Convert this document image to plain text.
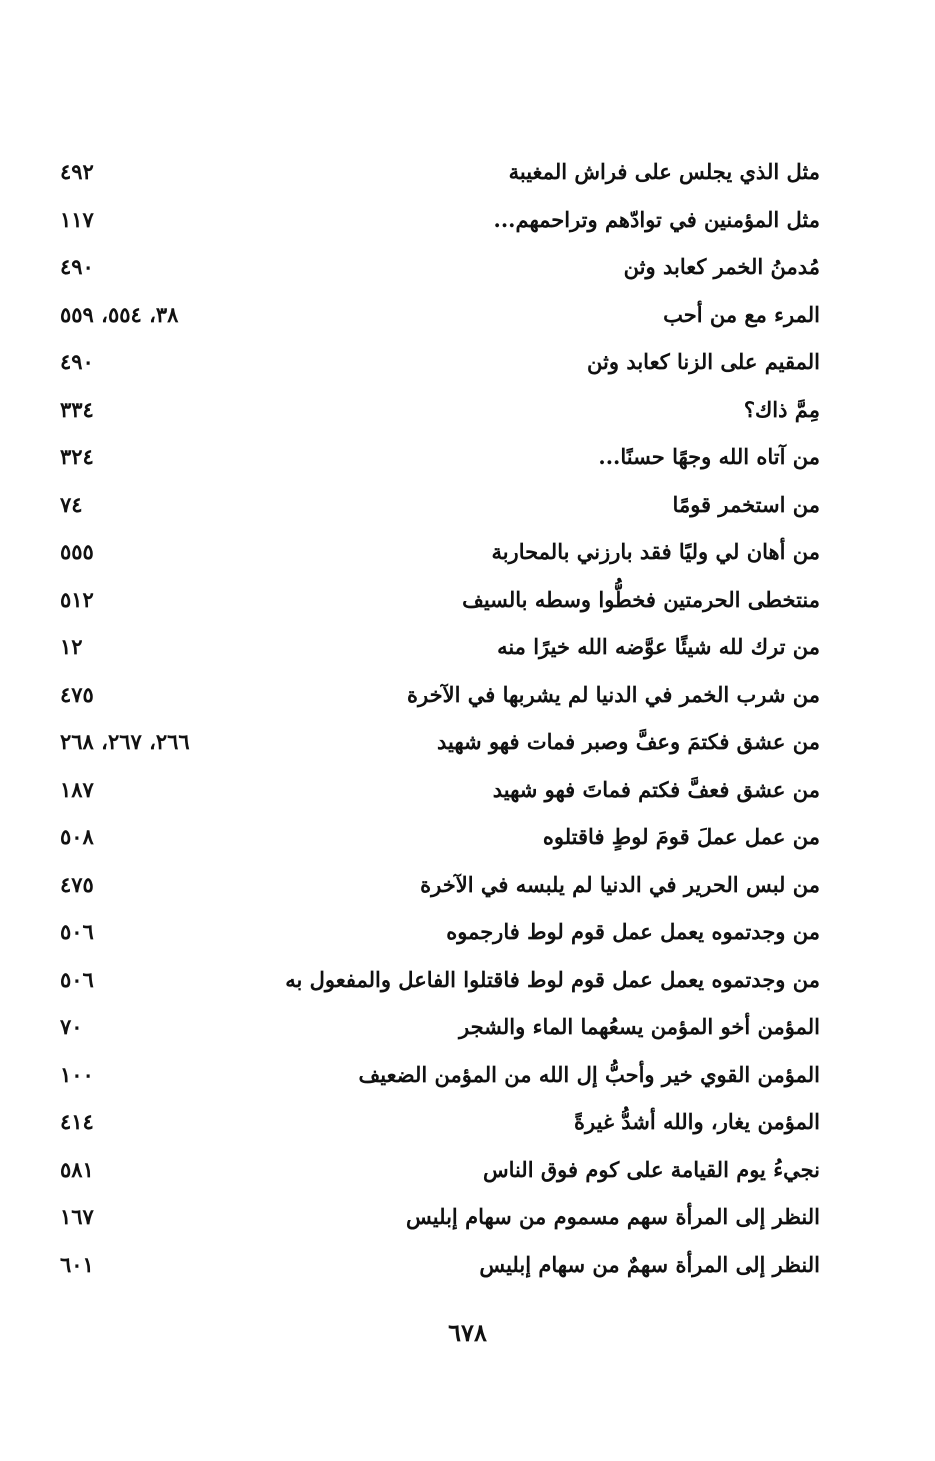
مثل الذي يجلس على فراش المغيبة
٤٩٢
مثل المؤمنين في توادّهم وتراحمهم...
١١٧
مُدمنُ الخمر كعابد وثن
٤٩٠
المرء مع من أحب
٣٨، ٥٥٤، ٥٥٩
المقيم على الزنا كعابد وثن
٤٩٠
مِمَّ ذاك؟
٣٣٤
من آتاه الله وجهًا حسنًا...
٣٢٤
من استخمر قومًا
٧٤
من أهان لي وليًا فقد بارزني بالمحاربة
٥٥٥
منتخطى الحرمتين فخطُّوا وسطه بالسيف
٥١٢
من ترك لله شيئًا عوَّضه الله خيرًا منه
١٢
من شرب الخمر في الدنيا لم يشربها في الآخرة
٤٧٥
من عشق فكتمَ وعفَّ وصبر فمات فهو شهيد
٢٦٦، ٢٦٧، ٢٦٨
من عشق فعفَّ فكتم فماتَ فهو شهيد
١٨٧
من عمل عملَ قومَ لوطٍ فاقتلوه
٥٠٨
من لبس الحرير في الدنيا لم يلبسه في الآخرة
٤٧٥
من وجدتموه يعمل عمل قوم لوط فارجموه
٥٠٦
من وجدتموه يعمل عمل قوم لوط فاقتلوا الفاعل والمفعول به
٥٠٦
المؤمن أخو المؤمن يسعُهما الماء والشجر
٧٠
المؤمن القوي خير وأحبُّ إل الله من المؤمن الضعيف
١٠٠
المؤمن يغار، والله أشدُّ غيرةً
٤١٤
نجيءُ يوم القيامة على كوم فوق الناس
٥٨١
النظر إلى المرأة سهم مسموم من سهام إبليس
١٦٧
النظر إلى المرأة سهمٌ من سهام إبليس
٦٠١
٦٧٨
